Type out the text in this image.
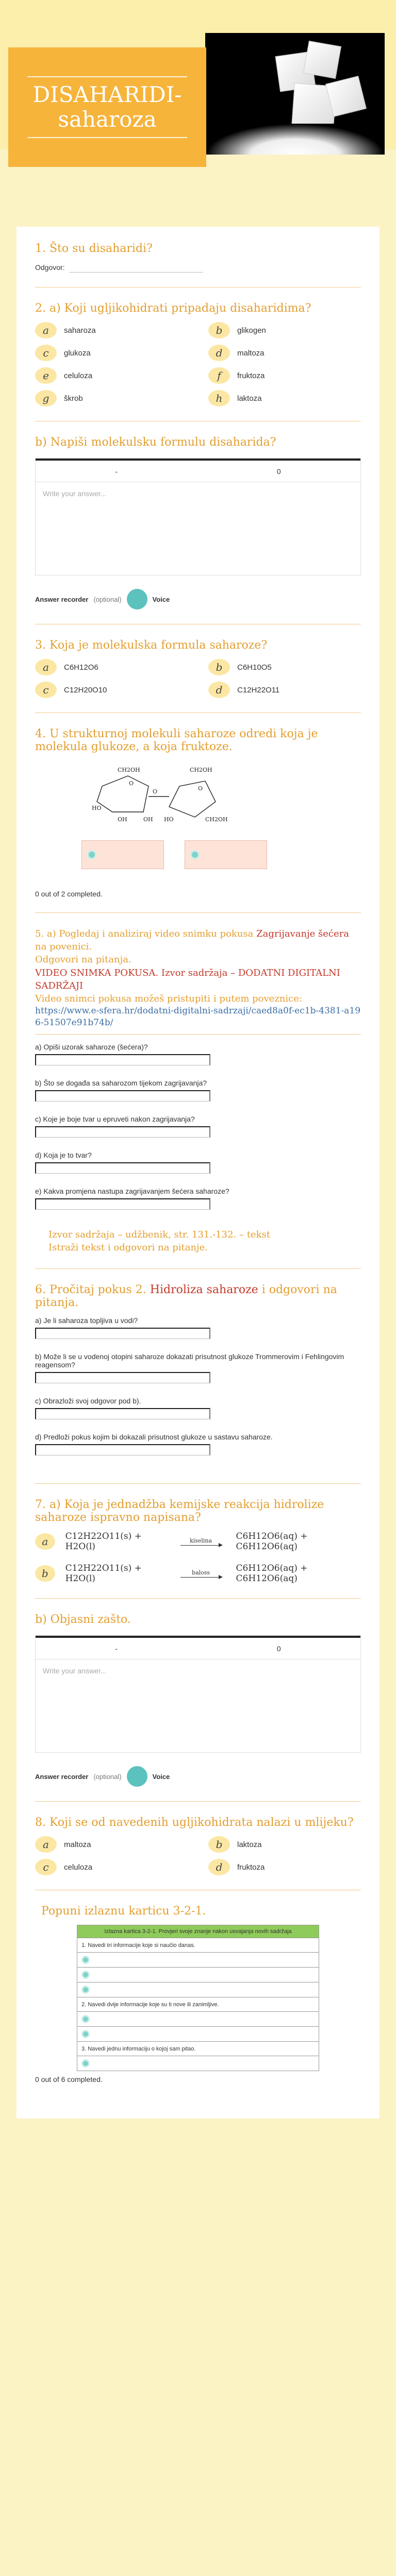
DISAHARIDI-
saharoza
1. Što su disaharidi?
Odgovor:
2. a) Koji ugljikohidrati pripadaju disaharidima?
a	saharoza	b	glikogen
c	glukoza	d	maltoza
e	celuloza	f	fruktoza
g	škrob	h	laktoza
b) Napiši molekulsku formulu disaharida?
-	0
Write your answer...
Answer recorder (optional)	Voice
3. Koja je molekulska formula saharoze?
a	C6H12O6	b	C6H10O5
c	C12H20O10	d	C12H22O11
4. U strukturnoj molekuli saharoze odredi koja je molekula glukoze, a koja fruktoze.
CH2OH	CH2OH
O
O
O
HO
OH	OH HO	CH2OH
0 out of 2 completed.
5. a) Pogledaj i analiziraj video snimku pokusa Zagrijavanje šećera na povenici.
Odgovori na pitanja.
VIDEO SNIMKA POKUSA. Izvor sadržaja – DODATNI DIGITALNI SADRŽAJI
Video snimci pokusa možeš pristupiti i putem poveznice:
https://www.e-sfera.hr/dodatni-digitalni-sadrzaji/caed8a0f-ec1b-4381-a196-51507e91b74b/
a) Opiši uzorak saharoze (šećera)?
b) Što se događa sa saharozom tijekom zagrijavanja?
c) Koje je boje tvar u epruveti nakon zagrijavanja?
d) Koja je to tvar?
e) Kakva promjena nastupa zagrijavanjem šećera saharoze?
Izvor sadržaja – udžbenik, str. 131.-132. – tekst
Istraži tekst i odgovori na pitanje.
6. Pročitaj pokus 2. Hidroliza saharoze i odgovori na pitanja.
a) Je li saharoza topljiva u vodi?
b) Može li se u vodenoj otopini saharoze dokazati prisutnost glukoze Trommerovim i Fehlingovim reagensom?
c) Obrazloži svoj odgovor pod b).
d) Predloži pokus kojim bi dokazali prisutnost glukoze u sastavu saharoze.
7. a) Koja je jednadžba kemijske reakcija hidrolize saharoze ispravno napisana?
a	C12H22O11(s) + H2O(l)
kiselina	C6H12O6(aq) + C6H12O6(aq)
b	C12H22O11(s) + H2O(l)
baloss	C6H12O6(aq) + C6H12O6(aq)
b) Objasni zašto.
-	0
Write your answer...
Answer recorder (optional)	Voice
8. Koji se od navedenih ugljikohidrata nalazi u mlijeku?
a	maltoza	b	laktoza
c	celuloza	d	fruktoza
Popuni izlaznu karticu 3-2-1.
Izlazna kartica 3-2-1. Provjeri svoje znanje nakon usvajanja novih sadržaja
1. Navedi tri informacije koje si naučio danas.
2. Navedi dvije informacije koje su ti nove ili zanimljive.
3. Navedi jednu informaciju o kojoj sam pitao.
0 out of 6 completed.
